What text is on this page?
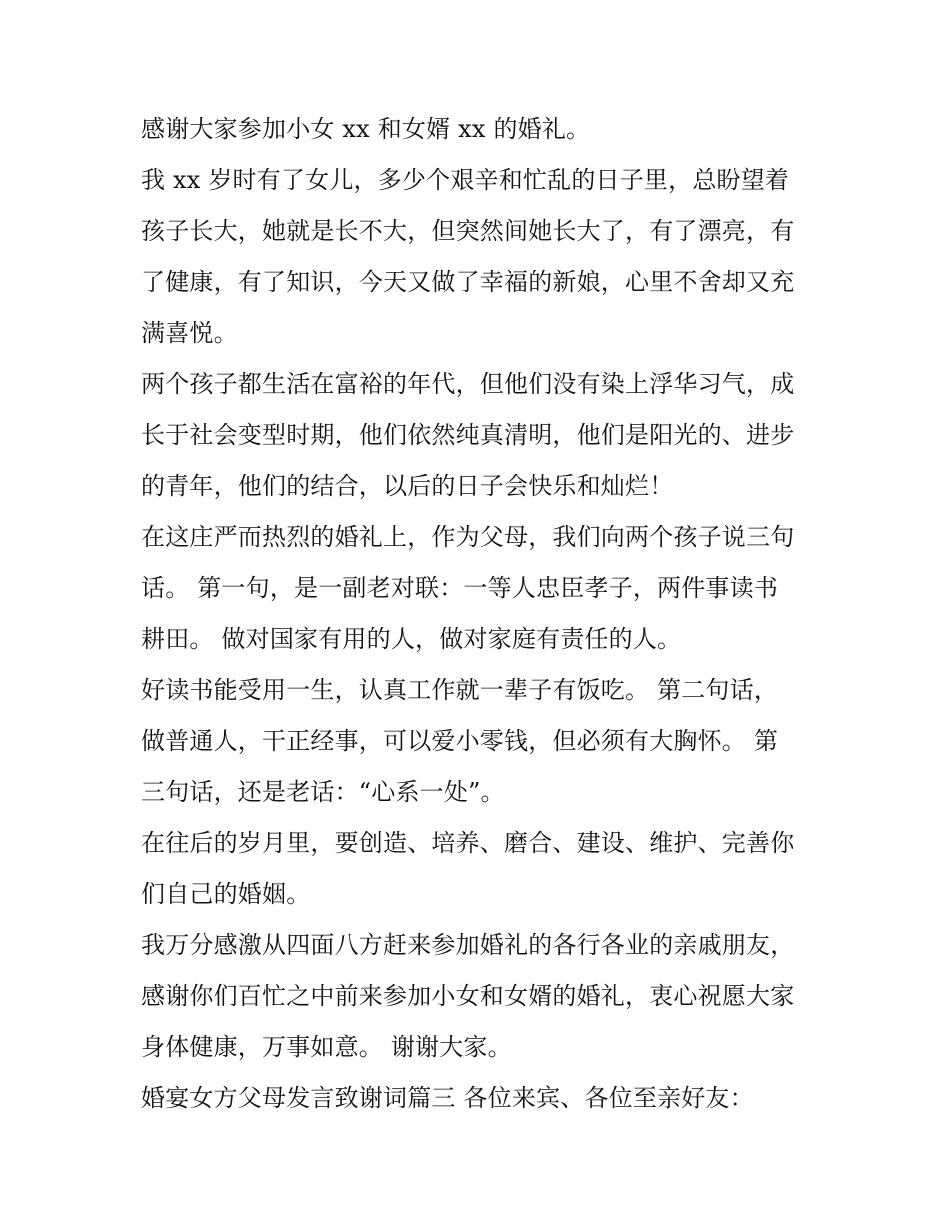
感谢大家参加小女 xx 和女婿 xx 的婚礼。
我 xx 岁时有了女儿，多少个艰辛和忙乱的日子里，总盼望着
孩子长大，她就是长不大，但突然间她长大了，有了漂亮，有
了健康，有了知识，今天又做了幸福的新娘，心里不舍却又充
满喜悦。
两个孩子都生活在富裕的年代，但他们没有染上浮华习气，成
长于社会变型时期，他们依然纯真清明，他们是阳光的、进步
的青年，他们的结合，以后的日子会快乐和灿烂！
在这庄严而热烈的婚礼上，作为父母，我们向两个孩子说三句
话。 第一句，是一副老对联：一等人忠臣孝子，两件事读书
耕田。 做对国家有用的人，做对家庭有责任的人。
好读书能受用一生，认真工作就一辈子有饭吃。 第二句话，
做普通人，干正经事，可以爱小零钱，但必须有大胸怀。 第
三句话，还是老话：“心系一处”。
在往后的岁月里，要创造、培养、磨合、建设、维护、完善你
们自己的婚姻。
我万分感激从四面八方赶来参加婚礼的各行各业的亲戚朋友，
感谢你们百忙之中前来参加小女和女婿的婚礼，衷心祝愿大家
身体健康，万事如意。 谢谢大家。
婚宴女方父母发言致谢词篇三 各位来宾、各位至亲好友：
